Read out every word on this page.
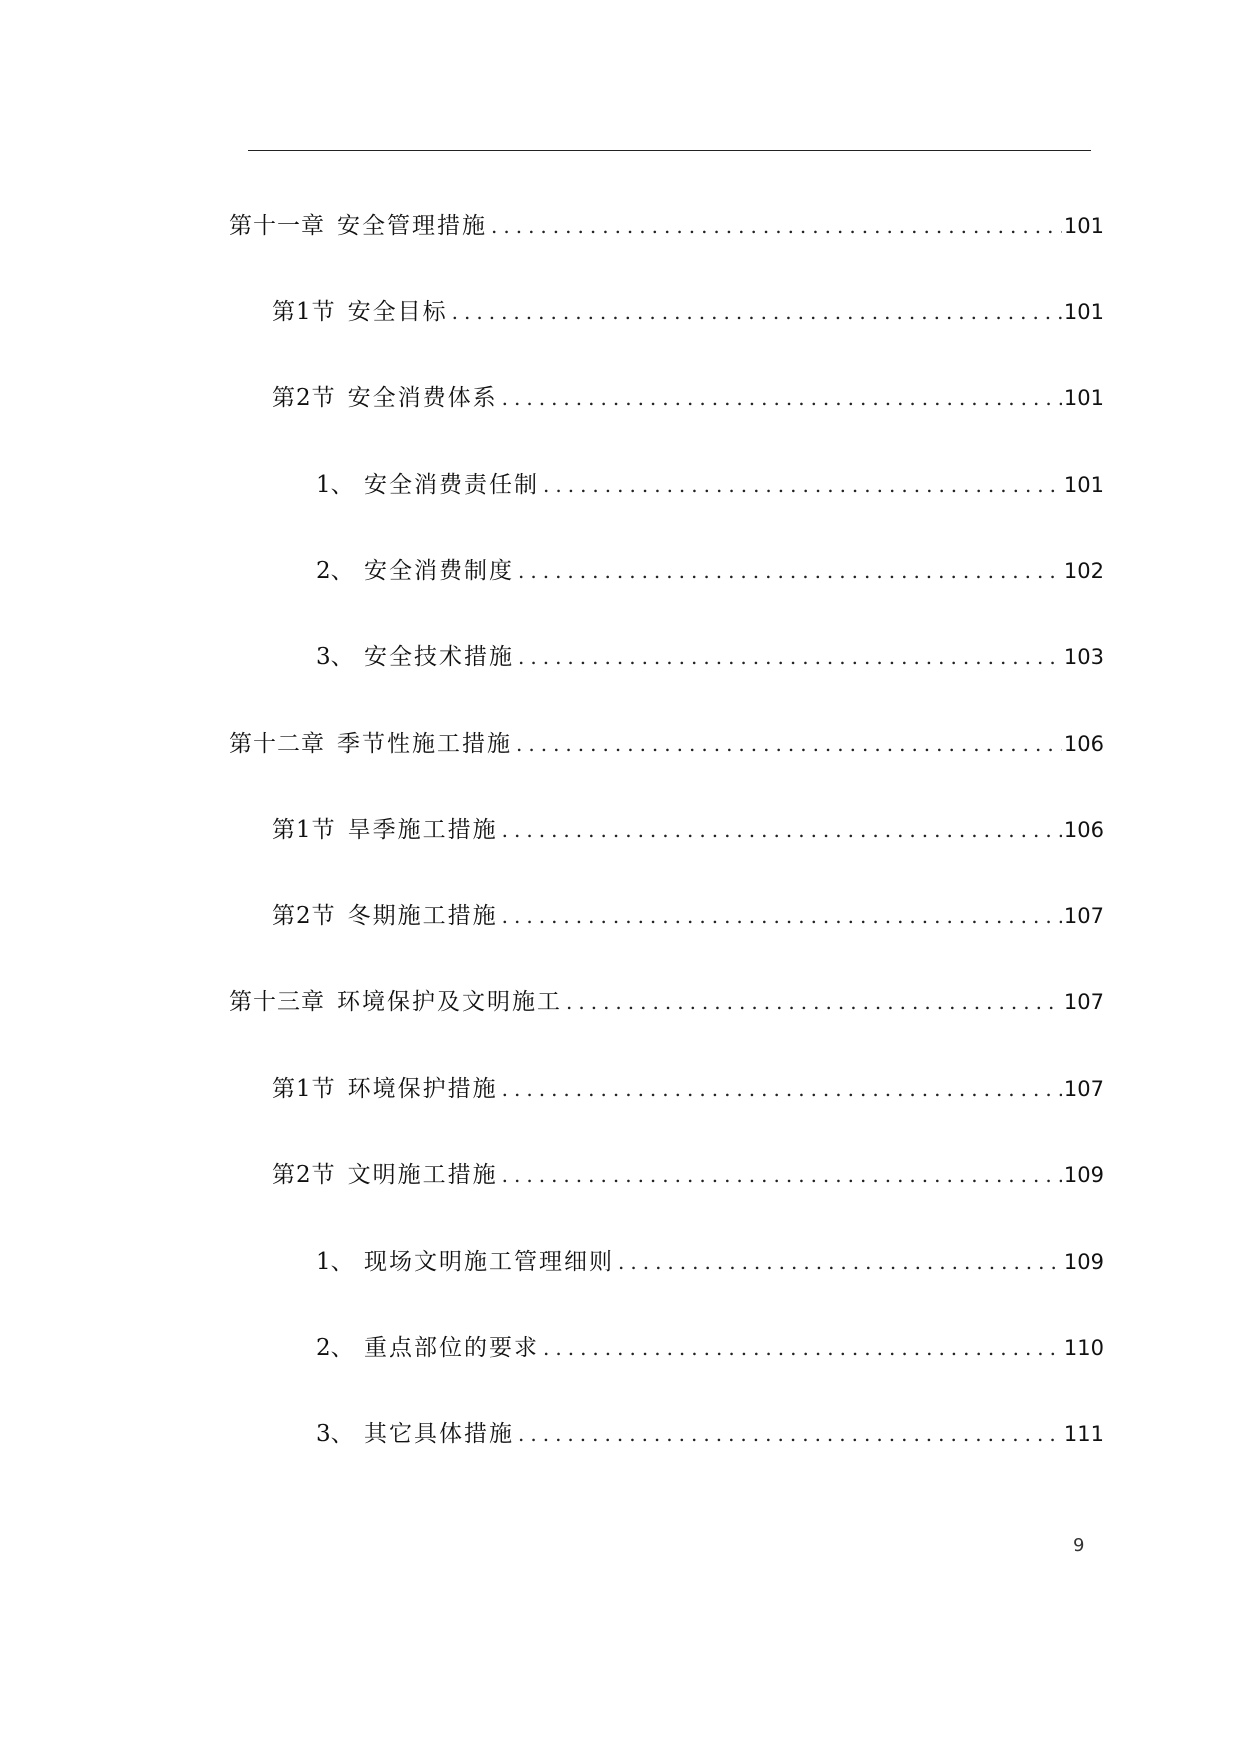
第十一章 安全管理措施 .....	101
第1节 安全目标 .....	101
第2节 安全消费体系 .....	101
1、 安全消费责任制 .....	101
2、 安全消费制度 .....	102
3、 安全技术措施 .....	103
第十二章 季节性施工措施 .....	106
第1节 旱季施工措施 .....	106
第2节 冬期施工措施 .....	107
第十三章 环境保护及文明施工 .....	107
第1节 环境保护措施 .....	107
第2节 文明施工措施 .....	109
1、 现场文明施工管理细则 .....	109
2、 重点部位的要求 .....	110
3、 其它具体措施 .....	111
9
